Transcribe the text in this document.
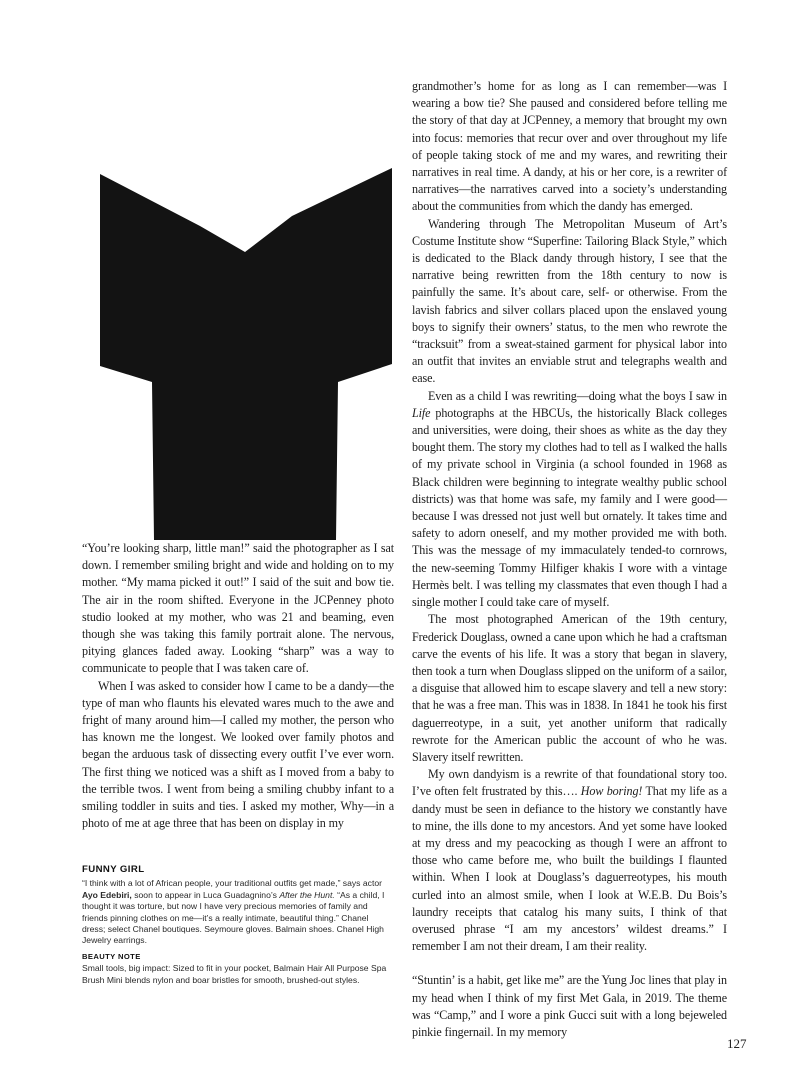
“You’re looking sharp, little man!” said the photographer as I sat down. I remember smiling bright and wide and holding on to my mother. “My mama picked it out!” I said of the suit and bow tie. The air in the room shifted. Everyone in the JCPenney photo studio looked at my mother, who was 21 and beaming, even though she was taking this family portrait alone. The nervous, pitying glances faded away. Looking “sharp” was a way to communicate to people that I was taken care of.

When I was asked to consider how I came to be a dandy—the type of man who flaunts his elevated wares much to the awe and fright of many around him—I called my mother, the person who has known me the longest. We looked over family photos and began the arduous task of dissecting every outfit I’ve ever worn. The first thing we noticed was a shift as I moved from a baby to the terrible twos. I went from being a smiling chubby infant to a smiling toddler in suits and ties. I asked my mother, Why—in a photo of me at age three that has been on display in my

FUNNY GIRL

“I think with a lot of African people, your traditional outfits get made,” says actor Ayo Edebiri, soon to appear in Luca Guadagnino’s After the Hunt. “As a child, I thought it was torture, but now I have very precious memories of family and friends pinning clothes on me—it’s a really intimate, beautiful thing.” Chanel dress; select Chanel boutiques. Seymoure gloves. Balmain shoes. Chanel High Jewelry earrings.

BEAUTY NOTE

Small tools, big impact: Sized to fit in your pocket, Balmain Hair All Purpose Spa Brush Mini blends nylon and boar bristles for smooth, brushed-out styles.

grandmother’s home for as long as I can remember—was I wearing a bow tie? She paused and considered before telling me the story of that day at JCPenney, a memory that brought my own into focus: memories that recur over and over throughout my life of people taking stock of me and my wares, and rewriting their narratives in real time. A dandy, at his or her core, is a rewriter of narratives—the narratives carved into a society’s understanding about the communities from which the dandy has emerged.

Wandering through The Metropolitan Museum of Art’s Costume Institute show “Superfine: Tailoring Black Style,” which is dedicated to the Black dandy through history, I see that the narrative being rewritten from the 18th century to now is painfully the same. It’s about care, self- or otherwise. From the lavish fabrics and silver collars placed upon the enslaved young boys to signify their owners’ status, to the men who rewrote the “tracksuit” from a sweat-stained garment for physical labor into an outfit that invites an enviable strut and telegraphs wealth and ease.

Even as a child I was rewriting—doing what the boys I saw in Life photographs at the HBCUs, the historically Black colleges and universities, were doing, their shoes as white as the day they bought them. The story my clothes had to tell as I walked the halls of my private school in Virginia (a school founded in 1968 as Black children were beginning to integrate wealthy public school districts) was that home was safe, my family and I were good—because I was dressed not just well but ornately. It takes time and safety to adorn oneself, and my mother provided me with both. This was the message of my immaculately tended-to cornrows, the new-seeming Tommy Hilfiger khakis I wore with a vintage Hermès belt. I was telling my classmates that even though I had a single mother I could take care of myself.

The most photographed American of the 19th century, Frederick Douglass, owned a cane upon which he had a craftsman carve the events of his life. It was a story that began in slavery, then took a turn when Douglass slipped on the uniform of a sailor, a disguise that allowed him to escape slavery and tell a new story: that he was a free man. This was in 1838. In 1841 he took his first daguerreotype, in a suit, yet another uniform that radically rewrote for the American public the account of who he was. Slavery itself rewritten.

My own dandyism is a rewrite of that foundational story too. I’ve often felt frustrated by this…. How boring! That my life as a dandy must be seen in defiance to the history we constantly have to mine, the ills done to my ancestors. And yet some have looked at my dress and my peacocking as though I were an affront to those who came before me, who built the buildings I flaunted within. When I look at Douglass’s daguerreotypes, his mouth curled into an almost smile, when I look at W.E.B. Du Bois’s laundry receipts that catalog his many suits, I think of that overused phrase “I am my ancestors’ wildest dreams.” I remember I am not their dream, I am their reality.

“Stuntin’ is a habit, get like me” are the Yung Joc lines that play in my head when I think of my first Met Gala, in 2019. The theme was “Camp,” and I wore a pink Gucci suit with a long bejeweled pinkie fingernail. In my memory

127
